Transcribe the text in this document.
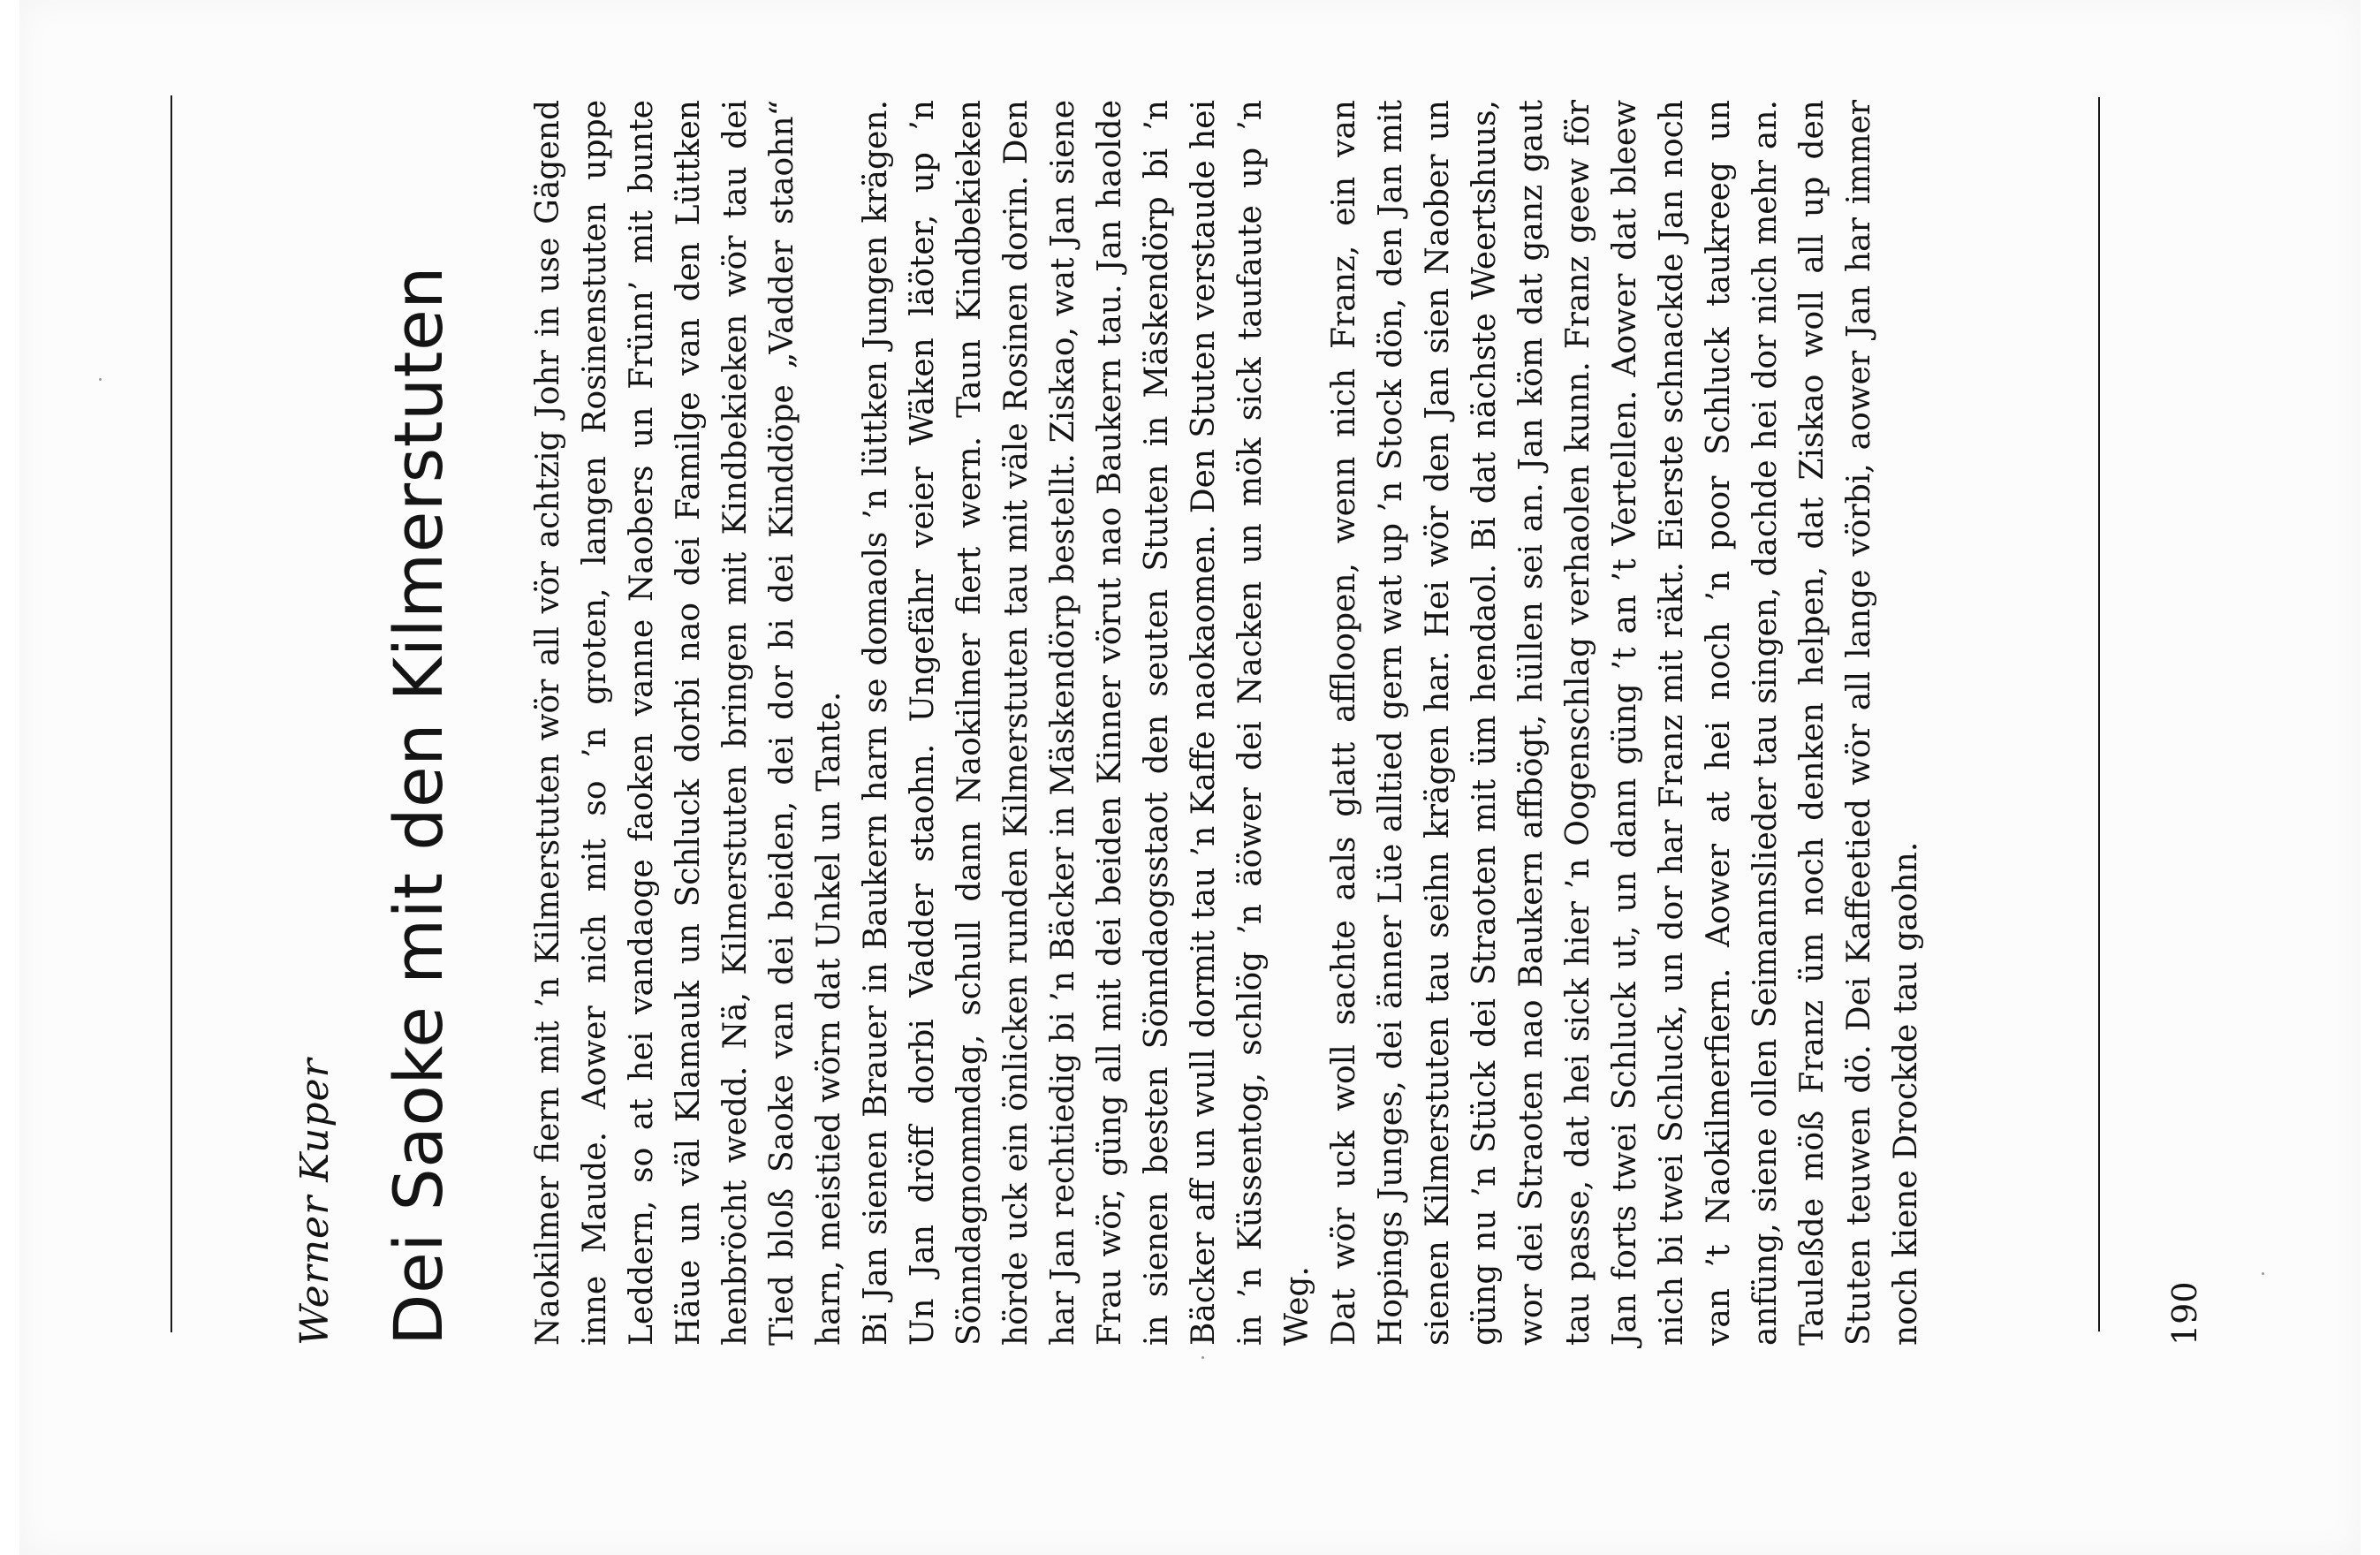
Werner Kuper Dei Saoke mit den Kilmerstuten Naokilmer fiern mit ’n Kilmerstuten wör all vör achtzig Johr in use Gägend inne Maude. Aower nich mit so ’n groten, langen Rosinenstuten uppe Leddern, so at hei vandaoge faoken vanne Naobers un Frünn’ mit bunte Häue un väl Klamauk un Schluck dorbi nao dei Familge van den Lüttken henbröcht wedd. Nä, Kilmerstuten bringen mit Kindbekieken wör tau dei Tied bloß Saoke van dei beiden, dei dor bi dei Kinddöpe „Vadder staohn“ harn, meistied wörn dat Unkel un Tante. Bi Jan sienen Brauer in Baukern harn se domaols ’n lüttken Jungen krägen. Un Jan dröff dorbi Vadder staohn. Ungefähr veier Wäken läöter, up ’n Sönndagnommdag, schull dann Naokilmer fiert wern. Taun Kindbekieken hörde uck ein önlicken runden Kilmerstuten tau mit väle Rosinen dorin. Den har Jan rechtiedig bi ’n Bäcker in Mäskendörp bestellt. Ziskao, wat Jan siene Frau wör, güng all mit dei beiden Kinner vörut nao Baukern tau. Jan haolde in sienen besten Sönndaogsstaot den seuten Stuten in Mäskendörp bi ’n Bäcker aff un wull dormit tau ’n Kaffe naokaomen. Den Stuten verstaude hei in ’n Küssentog, schlög ’n äöwer dei Nacken un mök sick taufaute up ’n Weg. Dat wör uck woll sachte aals glatt affloopen, wenn nich Franz, ein van Hopings Junges, dei änner Lüe alltied gern wat up ’n Stock dön, den Jan mit sienen Kilmerstuten tau seihn krägen har. Hei wör den Jan sien Naober un güng nu ’n Stück dei Straoten mit üm hendaol. Bi dat nächste Weertshuus, wor dei Straoten nao Baukern affbögt, hüllen sei an. Jan köm dat ganz gaut tau passe, dat hei sick hier ’n Oogenschlag verhaolen kunn. Franz geew för Jan forts twei Schluck ut, un dann güng ’t an ’t Vertellen. Aower dat bleew nich bi twei Schluck, un dor har Franz mit räkt. Eierste schnackde Jan noch van ’t Naokilmerfiern. Aower at hei noch ’n poor Schluck taukreeg un anfüng, siene ollen Seimannslieder tau singen, dachde hei dor nich mehr an. Tauleßde möß Franz üm noch denken helpen, dat Ziskao woll all up den Stuten teuwen dö. Dei Kaffeetied wör all lange vörbi, aower Jan har immer noch kiene Drockde tau gaohn.	190
